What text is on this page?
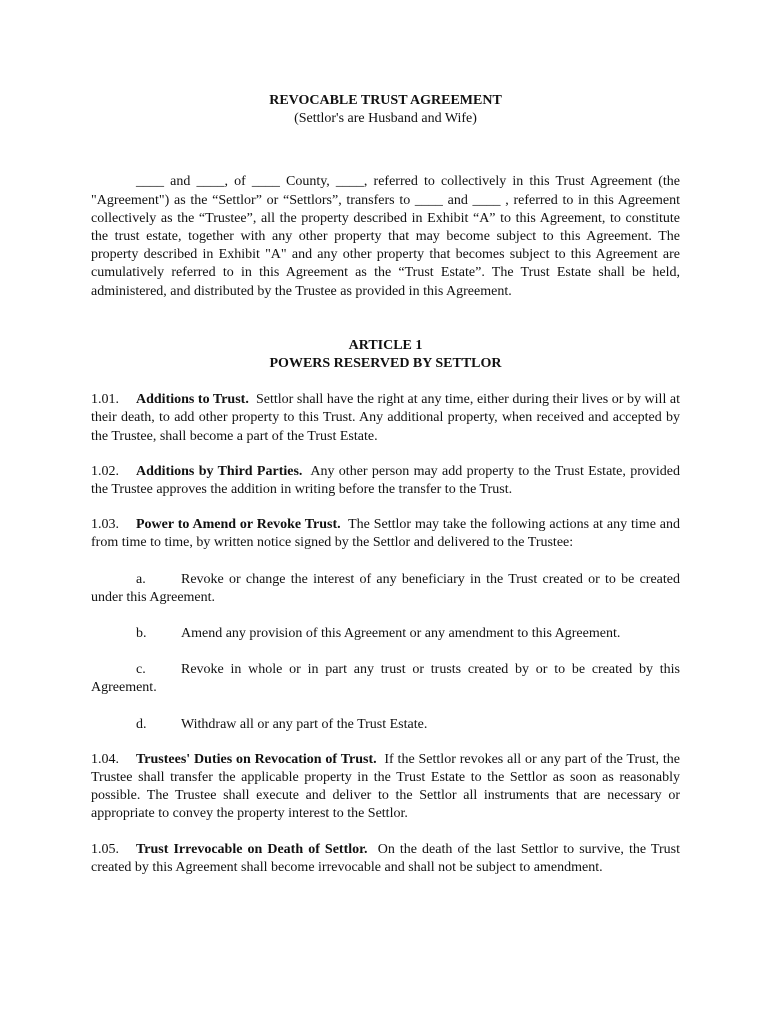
REVOCABLE TRUST AGREEMENT
(Settlor's are Husband and Wife)
____ and ____, of ____ County, ____, referred to collectively in this Trust Agreement (the "Agreement") as the “Settlor” or “Settlors”, transfers to ____ and ____ , referred to in this Agreement collectively as the “Trustee”, all the property described in Exhibit “A” to this Agreement, to constitute the trust estate, together with any other property that may become subject to this Agreement. The property described in Exhibit "A" and any other property that becomes subject to this Agreement are cumulatively referred to in this Agreement as the “Trust Estate”. The Trust Estate shall be held, administered, and distributed by the Trustee as provided in this Agreement.
ARTICLE 1
POWERS RESERVED BY SETTLOR
1.01. Additions to Trust. Settlor shall have the right at any time, either during their lives or by will at their death, to add other property to this Trust. Any additional property, when received and accepted by the Trustee, shall become a part of the Trust Estate.
1.02. Additions by Third Parties. Any other person may add property to the Trust Estate, provided the Trustee approves the addition in writing before the transfer to the Trust.
1.03. Power to Amend or Revoke Trust. The Settlor may take the following actions at any time and from time to time, by written notice signed by the Settlor and delivered to the Trustee:
a.	Revoke or change the interest of any beneficiary in the Trust created or to be created under this Agreement.
b. Amend any provision of this Agreement or any amendment to this Agreement.
c.	Revoke in whole or in part any trust or trusts created by or to be created by this Agreement.
d. Withdraw all or any part of the Trust Estate.
1.04. Trustees' Duties on Revocation of Trust. If the Settlor revokes all or any part of the Trust, the Trustee shall transfer the applicable property in the Trust Estate to the Settlor as soon as reasonably possible. The Trustee shall execute and deliver to the Settlor all instruments that are necessary or appropriate to convey the property interest to the Settlor.
1.05. Trust Irrevocable on Death of Settlor. On the death of the last Settlor to survive, the Trust created by this Agreement shall become irrevocable and shall not be subject to amendment.
